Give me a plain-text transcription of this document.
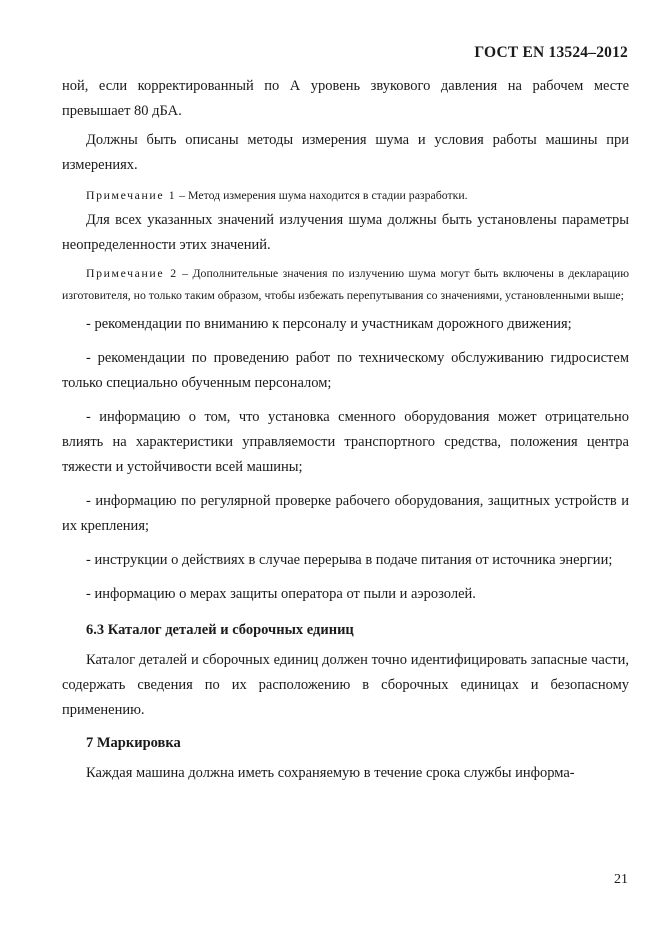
ГОСТ EN 13524–2012

ной, если корректированный по А уровень звукового давления на рабочем месте превышает 80 дБА.

Должны быть описаны методы измерения шума и условия работы машины при измерениях.

Примечание 1 – Метод измерения шума находится в стадии разработки.

Для всех указанных значений излучения шума должны быть установлены параметры неопределенности этих значений.

Примечание 2 – Дополнительные значения по излучению шума могут быть включены в декларацию изготовителя, но только таким образом, чтобы избежать перепутывания со значениями, установленными выше;

- рекомендации по вниманию к персоналу и участникам дорожного движения;

- рекомендации по проведению работ по техническому обслуживанию гидросистем только специально обученным персоналом;

- информацию о том, что установка сменного оборудования может отрицательно влиять на характеристики управляемости транспортного средства, положения центра тяжести и устойчивости всей машины;

- информацию по регулярной проверке рабочего оборудования, защитных устройств и их крепления;

- инструкции о действиях в случае перерыва в подаче питания от источника энергии;

- информацию о мерах защиты оператора от пыли и аэрозолей.

6.3 Каталог деталей и сборочных единиц

Каталог деталей и сборочных единиц должен точно идентифицировать запасные части, содержать сведения по их расположению в сборочных единицах и безопасному применению.

7 Маркировка

Каждая машина должна иметь сохраняемую в течение срока службы информа-

21
